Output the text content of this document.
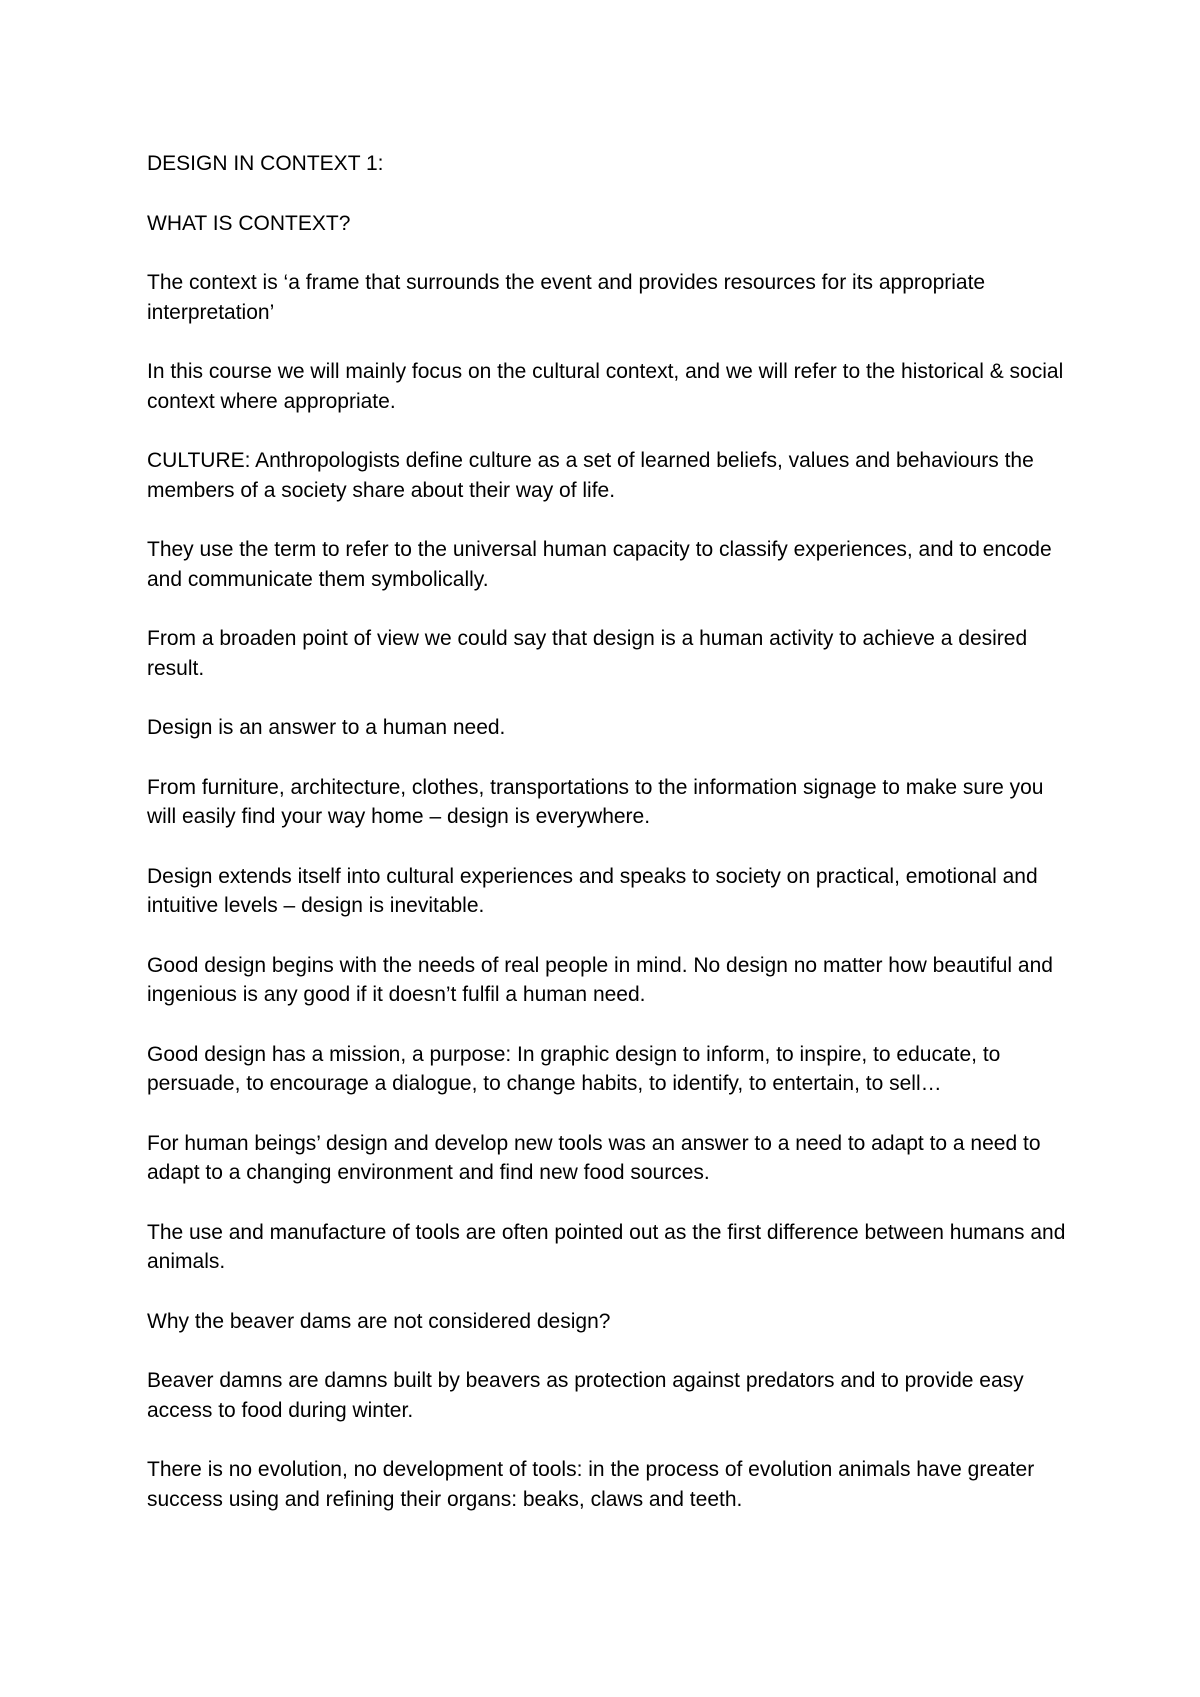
DESIGN IN CONTEXT 1:

WHAT IS CONTEXT?

The context is ‘a frame that surrounds the event and provides resources for its appropriate interpretation’

In this course we will mainly focus on the cultural context, and we will refer to the historical & social context where appropriate.

CULTURE: Anthropologists define culture as a set of learned beliefs, values and behaviours the members of a society share about their way of life.

They use the term to refer to the universal human capacity to classify experiences, and to encode and communicate them symbolically.

From a broaden point of view we could say that design is a human activity to achieve a desired result.

Design is an answer to a human need.

From furniture, architecture, clothes, transportations to the information signage to make sure you will easily find your way home – design is everywhere.

Design extends itself into cultural experiences and speaks to society on practical, emotional and intuitive levels – design is inevitable.

Good design begins with the needs of real people in mind. No design no matter how beautiful and ingenious is any good if it doesn’t fulfil a human need.

Good design has a mission, a purpose: In graphic design to inform, to inspire, to educate, to persuade, to encourage a dialogue, to change habits, to identify, to entertain, to sell…

For human beings’ design and develop new tools was an answer to a need to adapt to a need to adapt to a changing environment and find new food sources.

The use and manufacture of tools are often pointed out as the first difference between humans and animals.

Why the beaver dams are not considered design?

Beaver damns are damns built by beavers as protection against predators and to provide easy access to food during winter.

There is no evolution, no development of tools: in the process of evolution animals have greater success using and refining their organs: beaks, claws and teeth.
